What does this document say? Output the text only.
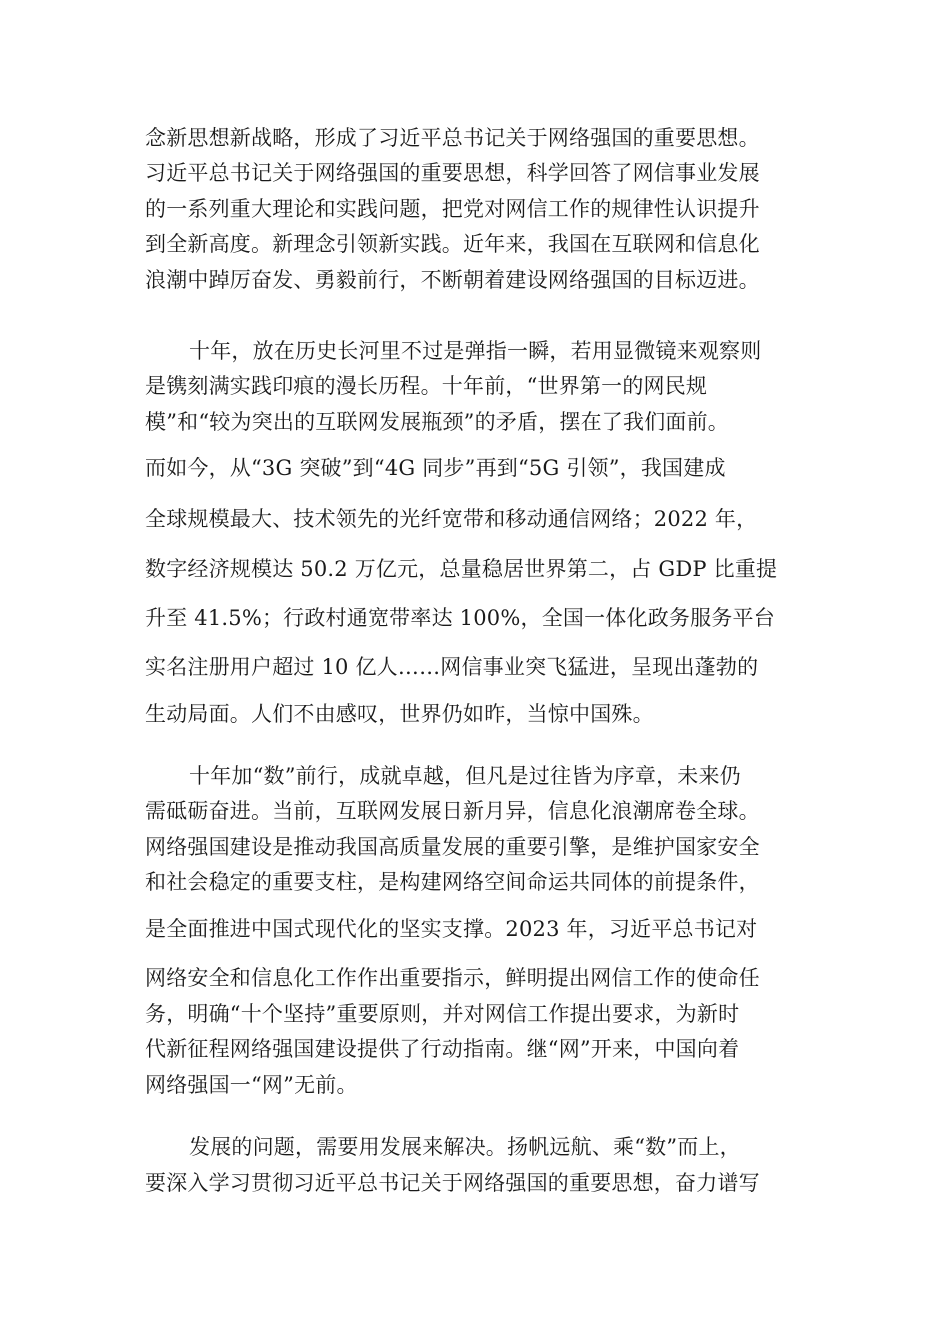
念新思想新战略，形成了习近平总书记关于网络强国的重要思想。
习近平总书记关于网络强国的重要思想，科学回答了网信事业发展
的一系列重大理论和实践问题，把党对网信工作的规律性认识提升
到全新高度。新理念引领新实践。近年来，我国在互联网和信息化
浪潮中踔厉奋发、勇毅前行，不断朝着建设网络强国的目标迈进。
十年，放在历史长河里不过是弹指一瞬，若用显微镜来观察则
是镌刻满实践印痕的漫长历程。十年前，“世界第一的网民规
模”和“较为突出的互联网发展瓶颈”的矛盾，摆在了我们面前。
而如今，从“3G 突破”到“4G 同步”再到“5G 引领”，我国建成
全球规模最大、技术领先的光纤宽带和移动通信网络；2022 年，
数字经济规模达 50.2 万亿元，总量稳居世界第二，占 GDP 比重提
升至 41.5%；行政村通宽带率达 100%，全国一体化政务服务平台
实名注册用户超过 10 亿人……网信事业突飞猛进，呈现出蓬勃的
生动局面。人们不由感叹，世界仍如昨，当惊中国殊。
十年加“数”前行，成就卓越，但凡是过往皆为序章，未来仍
需砥砺奋进。当前，互联网发展日新月异，信息化浪潮席卷全球。
网络强国建设是推动我国高质量发展的重要引擎，是维护国家安全
和社会稳定的重要支柱，是构建网络空间命运共同体的前提条件，
是全面推进中国式现代化的坚实支撑。2023 年，习近平总书记对
网络安全和信息化工作作出重要指示，鲜明提出网信工作的使命任
务，明确“十个坚持”重要原则，并对网信工作提出要求，为新时
代新征程网络强国建设提供了行动指南。继“网”开来，中国向着
网络强国一“网”无前。
发展的问题，需要用发展来解决。扬帆远航、乘“数”而上，
要深入学习贯彻习近平总书记关于网络强国的重要思想，奋力谱写
